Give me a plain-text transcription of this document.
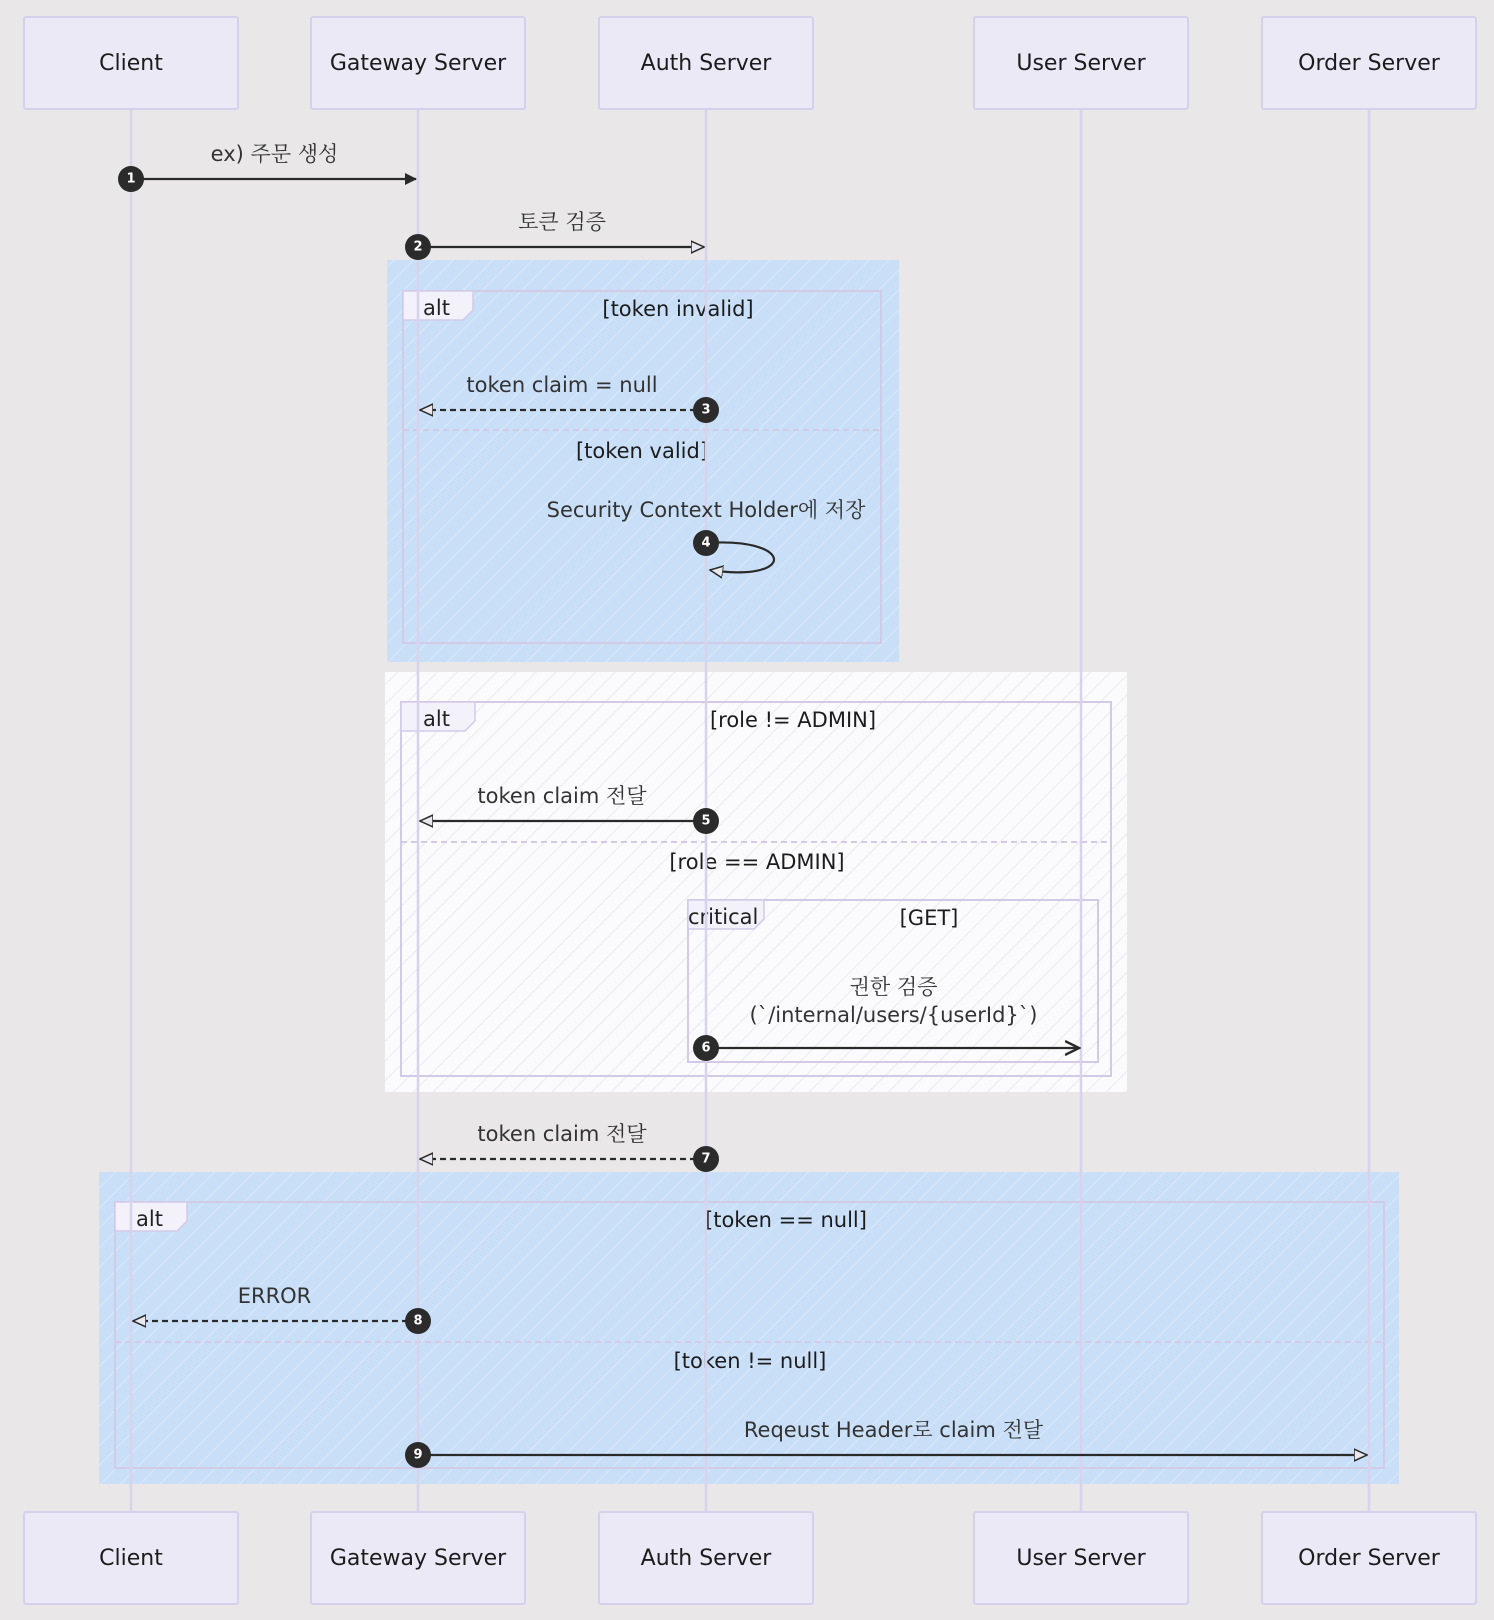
alt	[token invalid]
[token valid]
alt	[role != ADMIN]
[role == ADMIN]
critical	[GET]
alt	[token == null]
[token != null]
Client	Gateway Server	Auth Server	User Server	Order Server
Client	Gateway Server	Auth Server	User Server	Order Server
ex) 주문 생성
1
토큰 검증
2
token claim = null
3
Security Context Holder에 저장
4
token claim 전달
5
권한 검증
(`/internal/users/{userId}`)
6
token claim 전달
7
ERROR
8
Reqeust Header로 claim 전달
9
